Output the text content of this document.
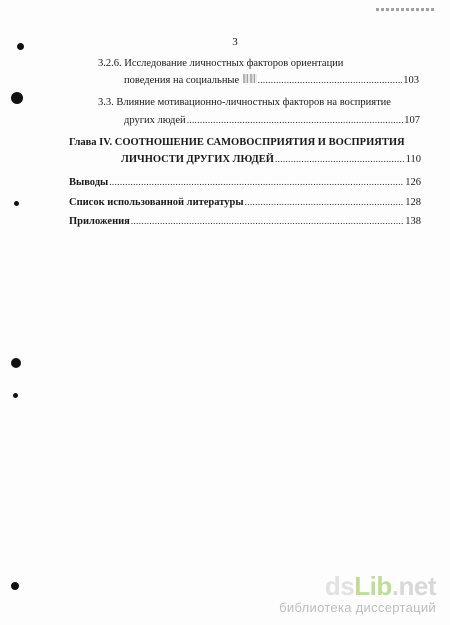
3
3.2.6. Исследование личностных факторов ориентации
поведения на социальные .....	103
3.3. Влияние мотивационно-личностных факторов на восприятие
других людей .....	107
Глава IV. СООТНОШЕНИЕ САМОВОСПРИЯТИЯ И ВОСПРИЯТИЯ
ЛИЧНОСТИ ДРУГИХ ЛЮДЕЙ .....	110
Выводы .....	126
Список использованной литературы .....	128
Приложения .....	138
ds Lib .net
библиотека диссертаций
